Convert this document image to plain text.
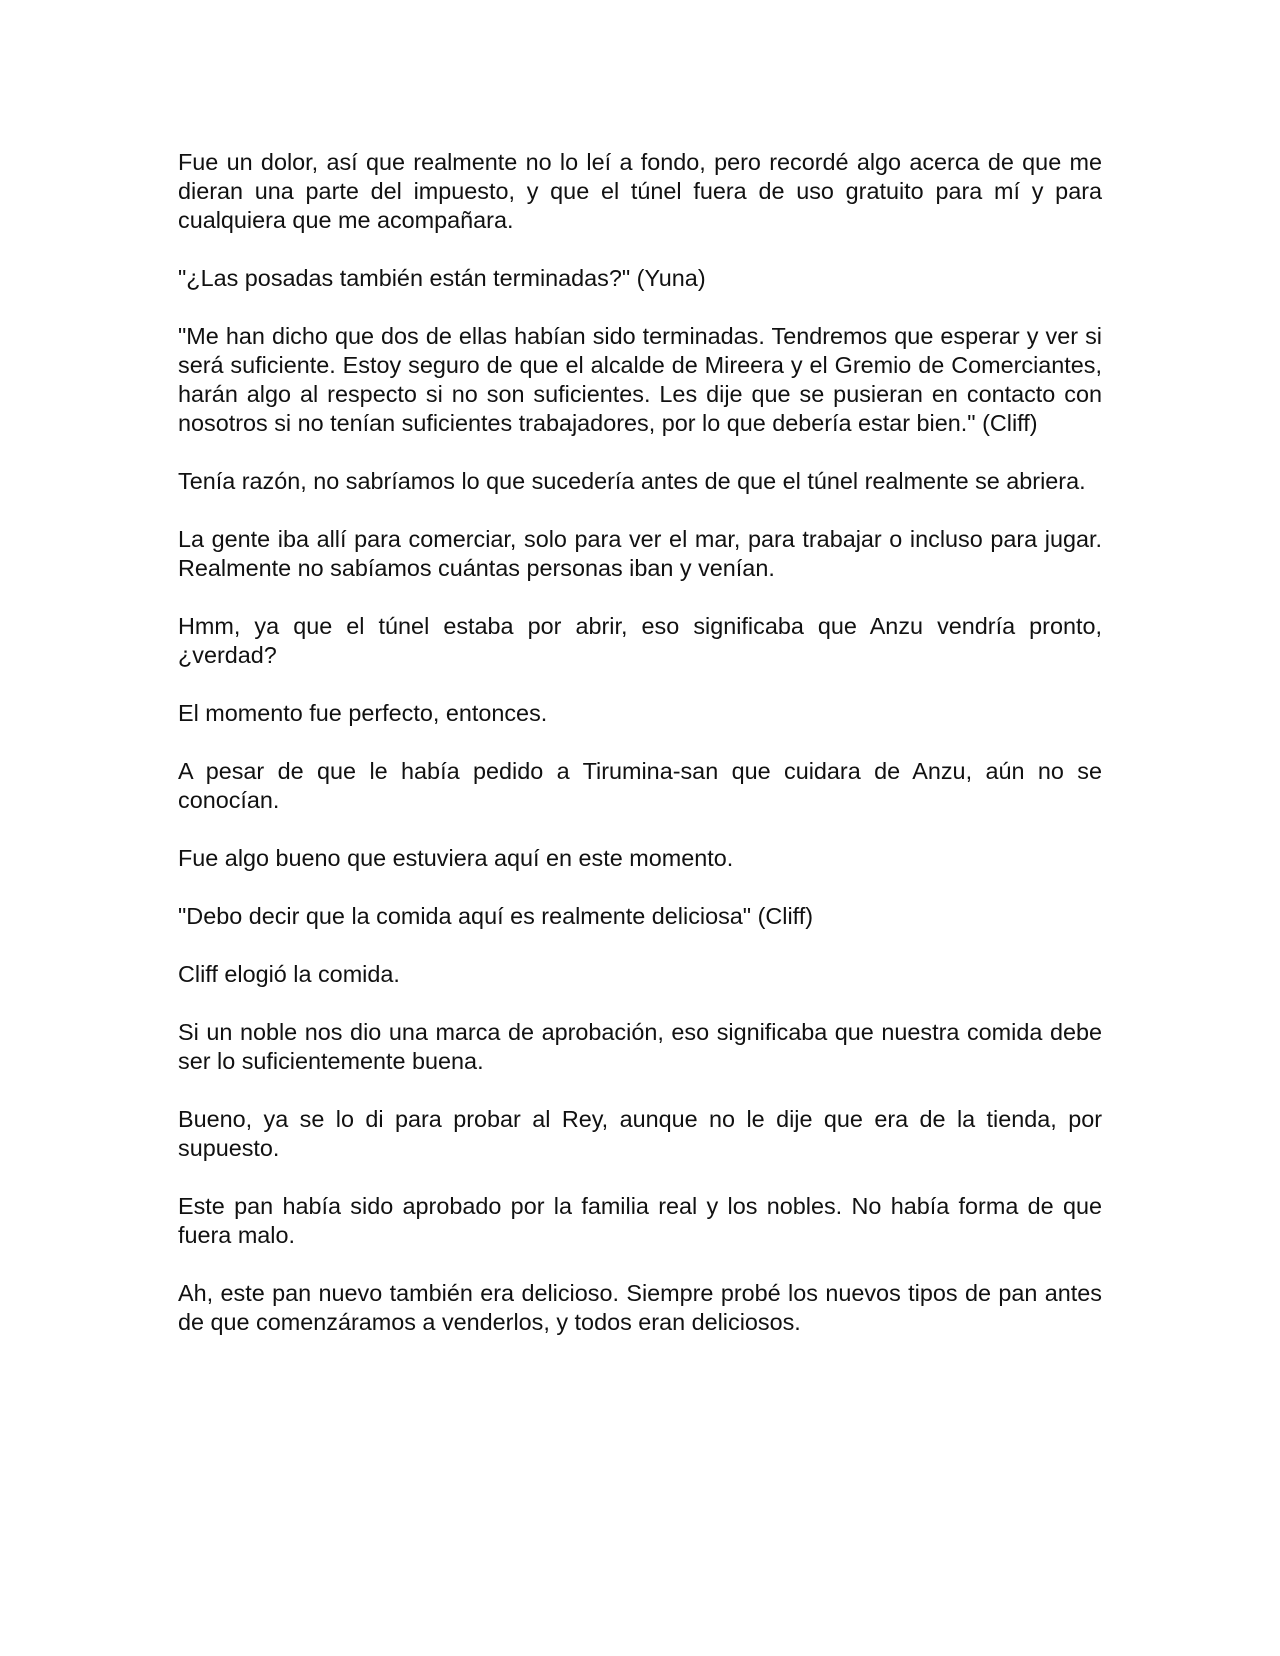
Fue un dolor, así que realmente no lo leí a fondo, pero recordé algo acerca de que me dieran una parte del impuesto, y que el túnel fuera de uso gratuito para mí y para cualquiera que me acompañara.

"¿Las posadas también están terminadas?" (Yuna)

"Me han dicho que dos de ellas habían sido terminadas. Tendremos que esperar y ver si será suficiente. Estoy seguro de que el alcalde de Mireera y el Gremio de Comerciantes, harán algo al respecto si no son suficientes. Les dije que se pusieran en contacto con nosotros si no tenían suficientes trabajadores, por lo que debería estar bien." (Cliff)

Tenía razón, no sabríamos lo que sucedería antes de que el túnel realmente se abriera.

La gente iba allí para comerciar, solo para ver el mar, para trabajar o incluso para jugar. Realmente no sabíamos cuántas personas iban y venían.

Hmm, ya que el túnel estaba por abrir, eso significaba que Anzu vendría pronto, ¿verdad?

El momento fue perfecto, entonces.

A pesar de que le había pedido a Tirumina-san que cuidara de Anzu, aún no se conocían.

Fue algo bueno que estuviera aquí en este momento.

"Debo decir que la comida aquí es realmente deliciosa" (Cliff)

Cliff elogió la comida.

Si un noble nos dio una marca de aprobación, eso significaba que nuestra comida debe ser lo suficientemente buena.

Bueno, ya se lo di para probar al Rey, aunque no le dije que era de la tienda, por supuesto.

Este pan había sido aprobado por la familia real y los nobles. No había forma de que fuera malo.

Ah, este pan nuevo también era delicioso. Siempre probé los nuevos tipos de pan antes de que comenzáramos a venderlos, y todos eran deliciosos.
